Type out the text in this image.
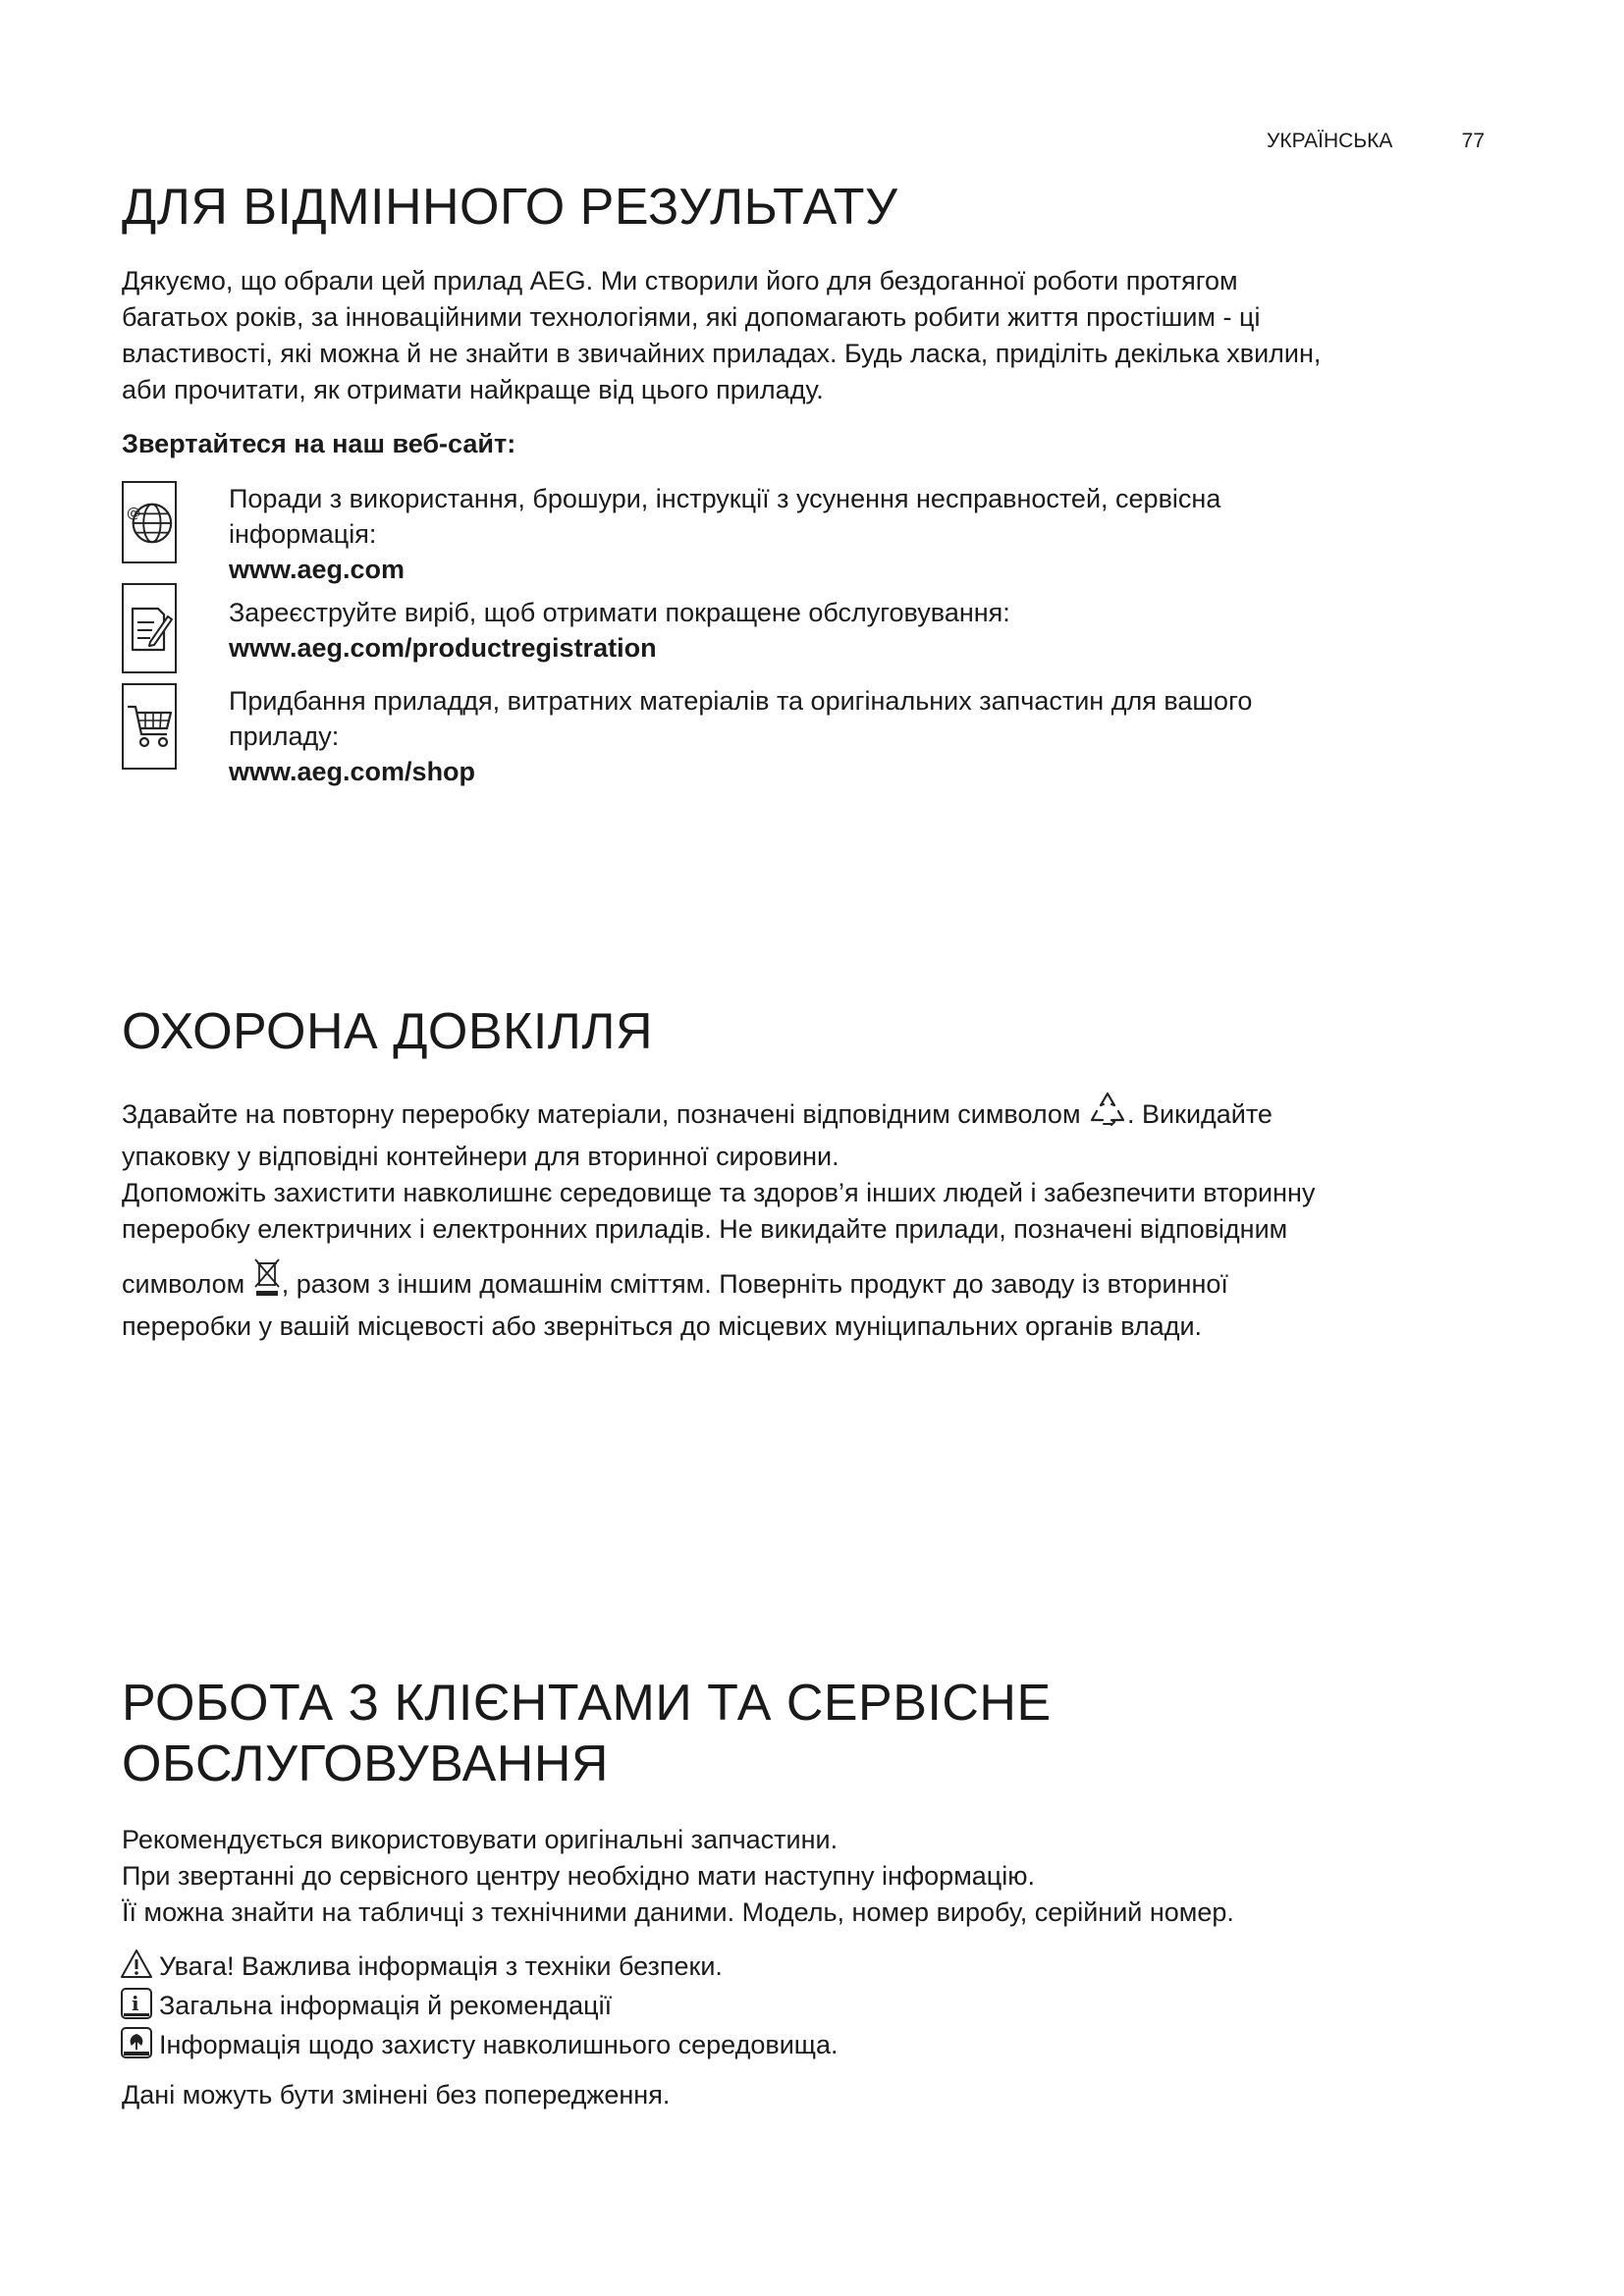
УКРАЇНСЬКА	77
ДЛЯ ВІДМІННОГО РЕЗУЛЬТАТУ
Дякуємо, що обрали цей прилад AEG. Ми створили його для бездоганної роботи протягом
багатьох років, за інноваційними технологіями, які допомагають робити життя простішим - ці
властивості, які можна й не знайти в звичайних приладах. Будь ласка, приділіть декілька хвилин,
аби прочитати, як отримати найкраще від цього приладу.
Звертайтеся на наш веб-сайт:
@
Поради з використання, брошури, інструкції з усунення несправностей, сервісна
інформація:
www.aeg.com
Зареєструйте виріб, щоб отримати покращене обслуговування:
www.aeg.com/productregistration
Придбання приладдя, витратних матеріалів та оригінальних запчастин для вашого
приладу:
www.aeg.com/shop
ОХОРОНА ДОВКІЛЛЯ
Здавайте на повторну переробку матеріали, позначені відповідним символом . Викидайте
упаковку у відповідні контейнери для вторинної сировини.
Допоможіть захистити навколишнє середовище та здоров’я інших людей і забезпечити вторинну
переробку електричних і електронних приладів. Не викидайте прилади, позначені відповідним
символом , разом з іншим домашнім сміттям. Поверніть продукт до заводу із вторинної
переробки у вашій місцевості або зверніться до місцевих муніципальних органів влади.
РОБОТА З КЛІЄНТАМИ ТА СЕРВІСНЕ
ОБСЛУГОВУВАННЯ
Рекомендується використовувати оригінальні запчастини.
При звертанні до сервісного центру необхідно мати наступну інформацію.
Її можна знайти на табличці з технічними даними. Модель, номер виробу, серійний номер.
Увага! Важлива інформація з техніки безпеки.
i Загальна інформація й рекомендації
Інформація щодо захисту навколишнього середовища.
Дані можуть бути змінені без попередження.
